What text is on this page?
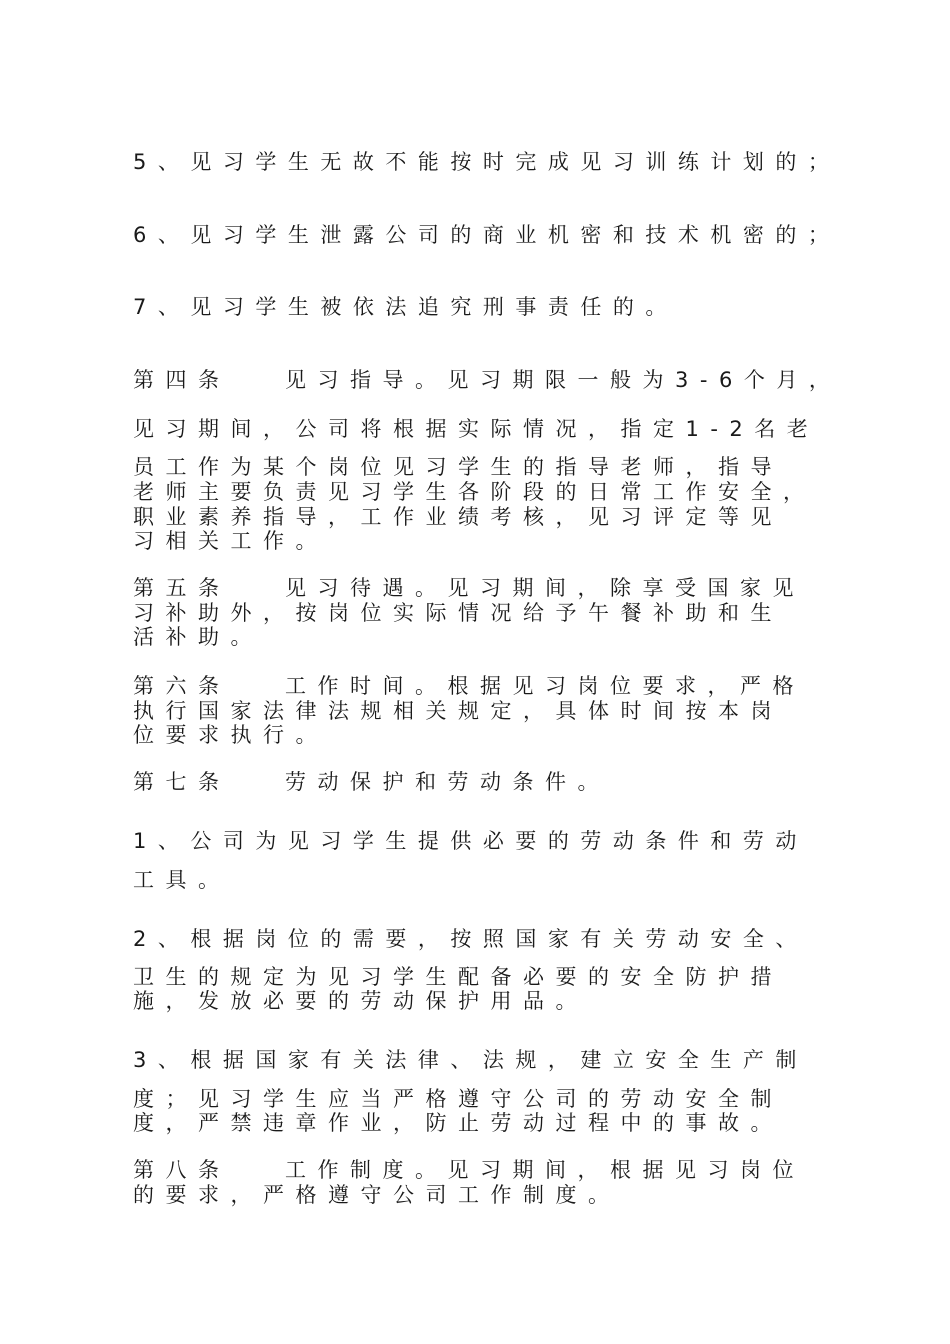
5、见习学生无故不能按时完成见习训练计划的；
6、见习学生泄露公司的商业机密和技术机密的；
7、见习学生被依法追究刑事责任的。
第四条   见习指导。见习期限一般为3-6个月，
见习期间，公司将根据实际情况，指定1-2名老
员工作为某个岗位见习学生的指导老师，指导
老师主要负责见习学生各阶段的日常工作安全，
职业素养指导，工作业绩考核，见习评定等见
习相关工作。
第五条   见习待遇。见习期间，除享受国家见
习补助外，按岗位实际情况给予午餐补助和生
活补助。
第六条   工作时间。根据见习岗位要求，严格
执行国家法律法规相关规定，具体时间按本岗
位要求执行。
第七条   劳动保护和劳动条件。
1、公司为见习学生提供必要的劳动条件和劳动
工具。
2、根据岗位的需要，按照国家有关劳动安全、
卫生的规定为见习学生配备必要的安全防护措
施，发放必要的劳动保护用品。
3、根据国家有关法律、法规，建立安全生产制
度；见习学生应当严格遵守公司的劳动安全制
度，严禁违章作业，防止劳动过程中的事故。
第八条   工作制度。见习期间，根据见习岗位
的要求，严格遵守公司工作制度。
